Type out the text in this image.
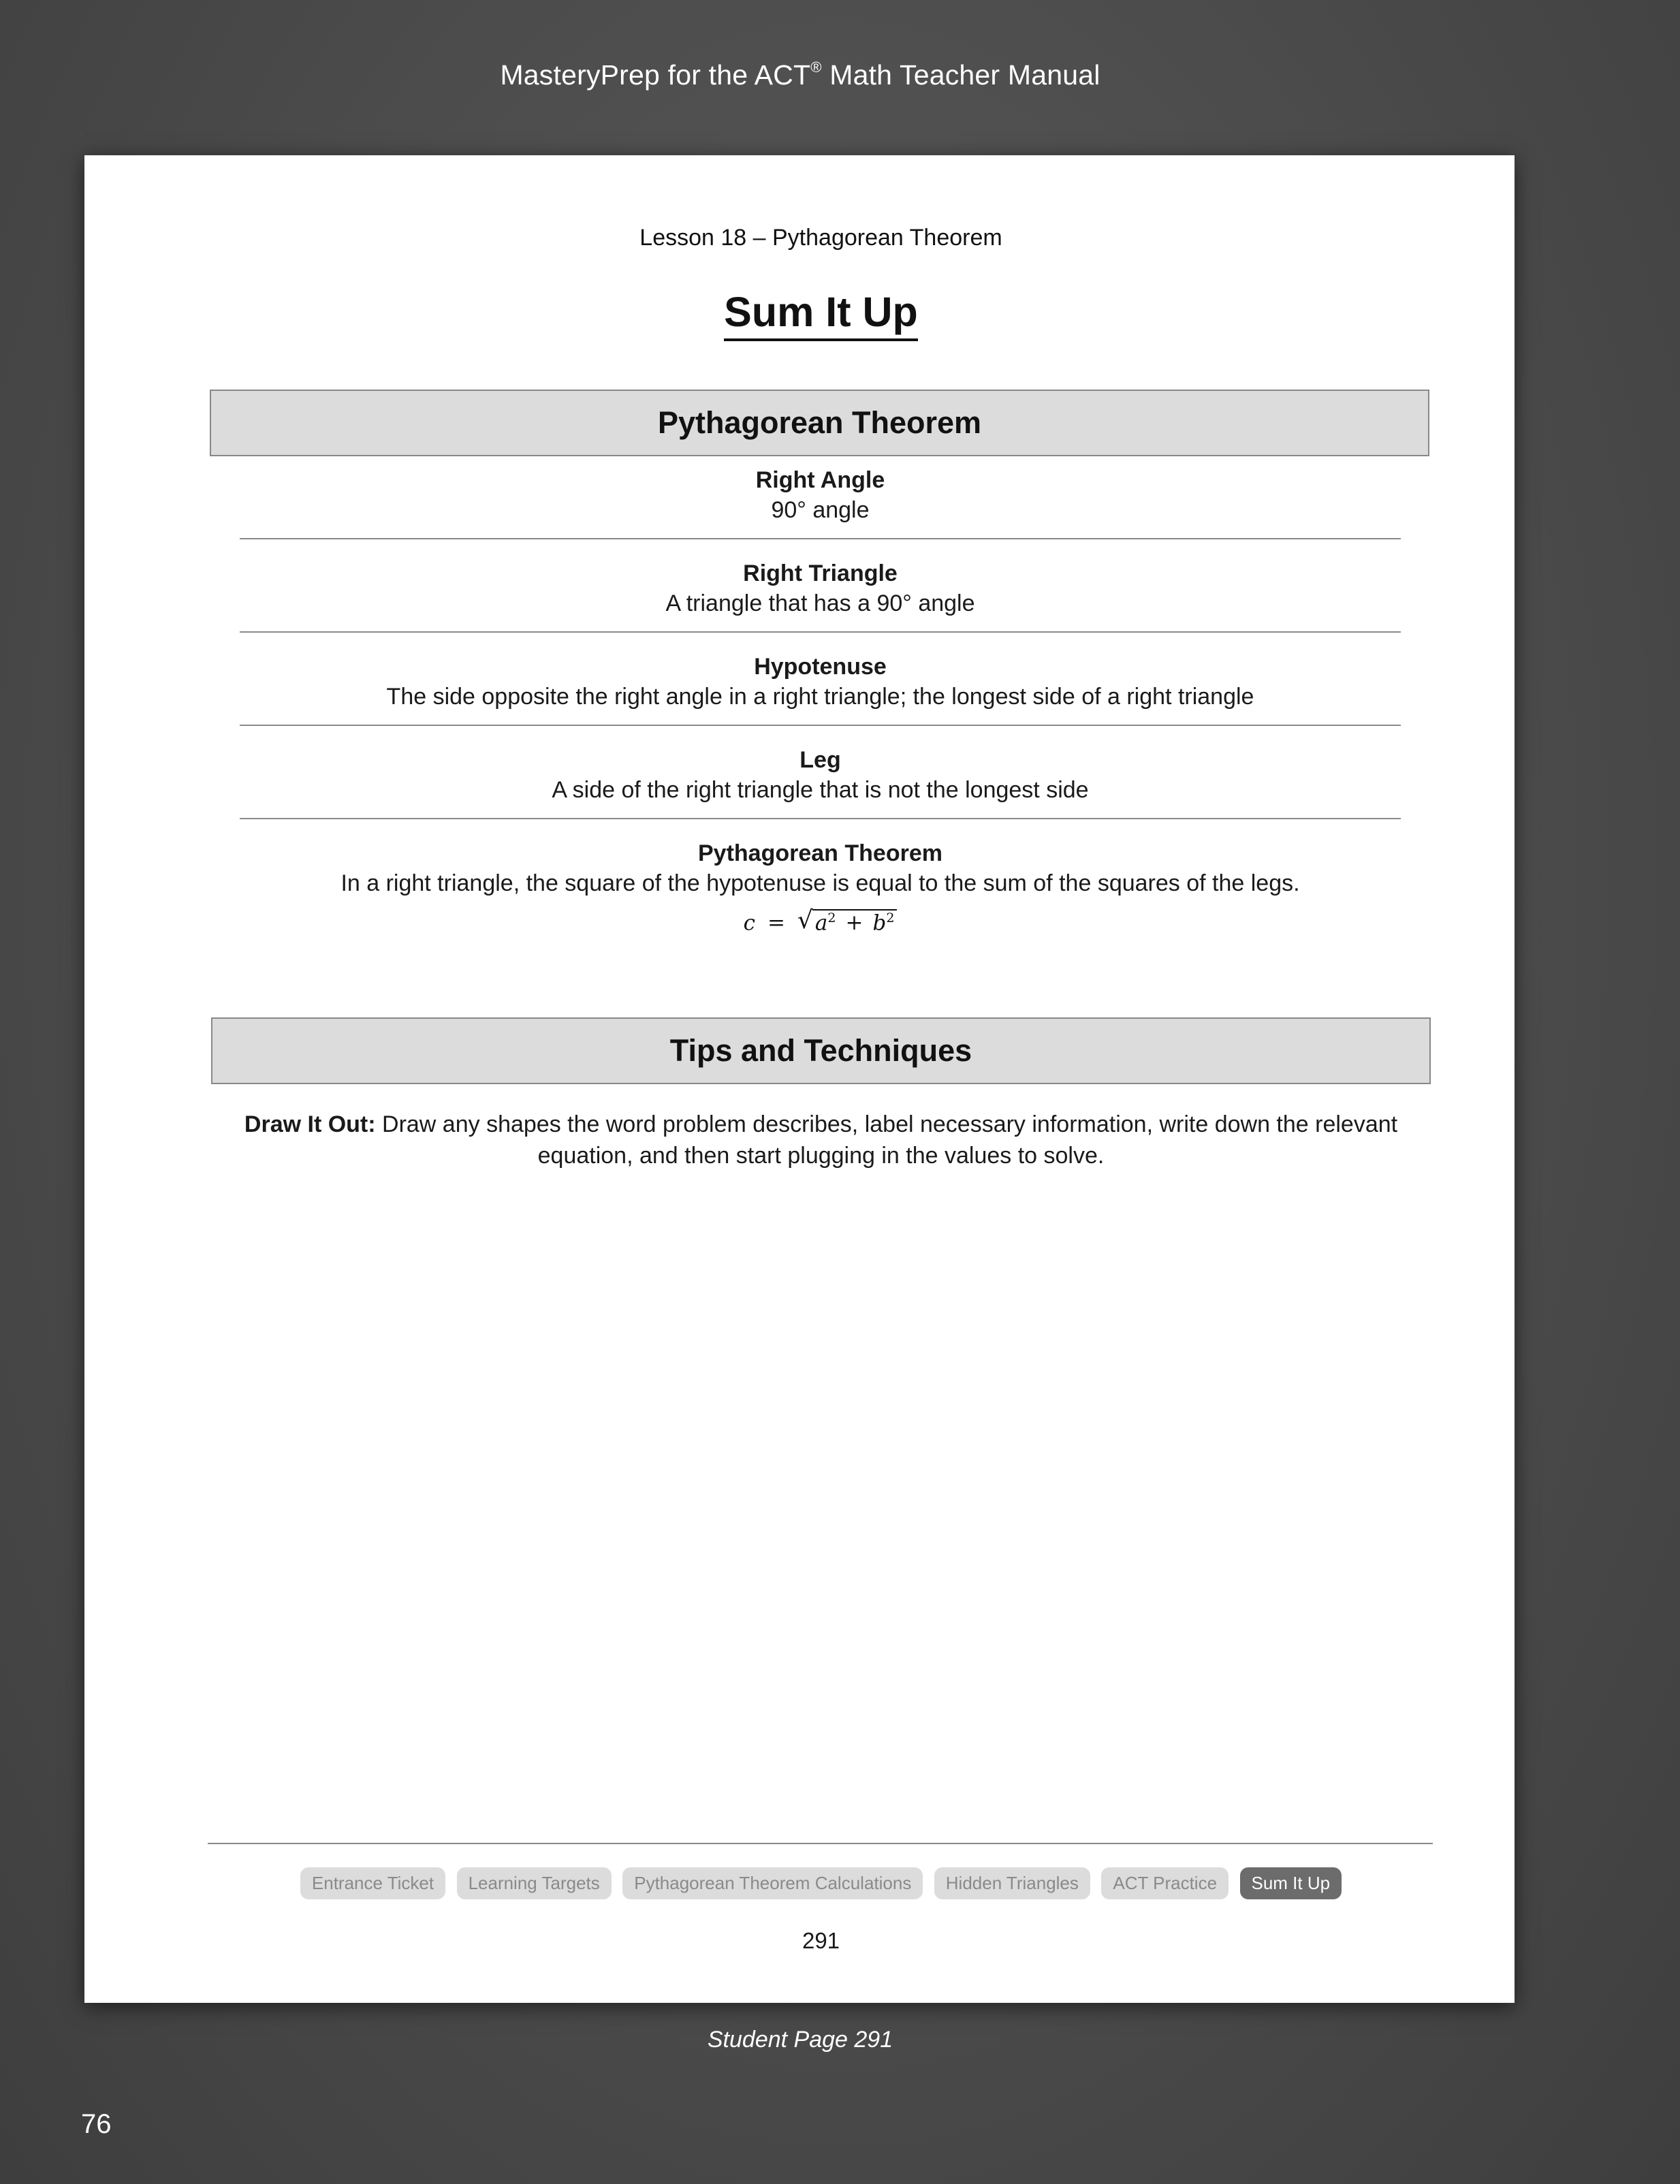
MasteryPrep for the ACT® Math Teacher Manual
Lesson 18 – Pythagorean Theorem
Sum It Up
Pythagorean Theorem
Right Angle
90° angle
Right Triangle
A triangle that has a 90° angle
Hypotenuse
The side opposite the right angle in a right triangle; the longest side of a right triangle
Leg
A side of the right triangle that is not the longest side
Pythagorean Theorem
In a right triangle, the square of the hypotenuse is equal to the sum of the squares of the legs.
c = √ $a^2 + b^2$
Tips and Techniques
Draw It Out: Draw any shapes the word problem describes, label necessary information, write down the relevant equation, and then start plugging in the values to solve.
Entrance Ticket Learning Targets Pythagorean Theorem Calculations Hidden Triangles ACT Practice Sum It Up
291
Student Page 291
76
